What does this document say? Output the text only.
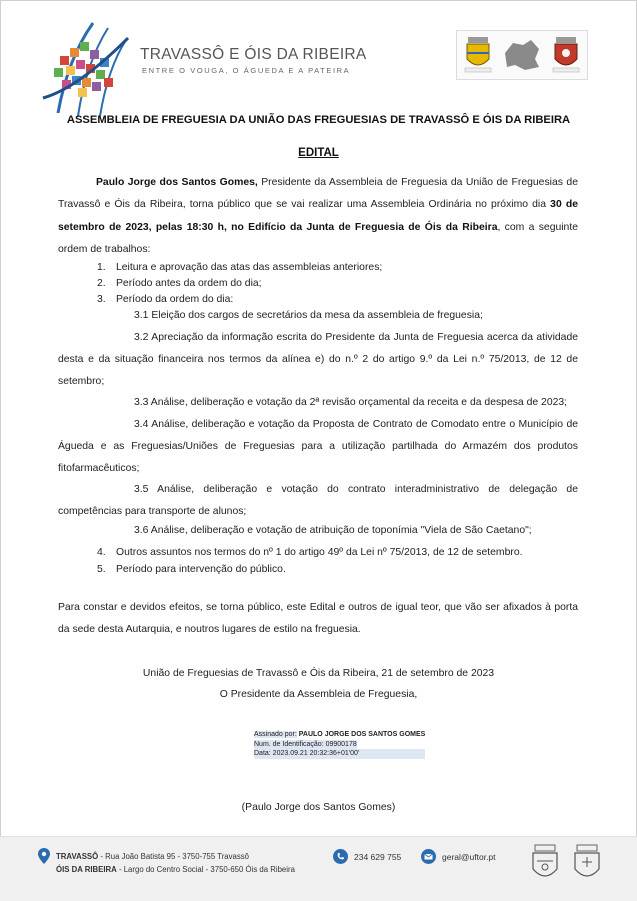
TRAVASSÔ E ÓIS DA RIBEIRA
ENTRE O VOUGA, O ÁGUEDA E A PATEIRA
ASSEMBLEIA DE FREGUESIA DA UNIÃO DAS FREGUESIAS DE TRAVASSÔ E ÓIS DA RIBEIRA
EDITAL
Paulo Jorge dos Santos Gomes, Presidente da Assembleia de Freguesia da União de Freguesias de Travassô e Óis da Ribeira, torna público que se vai realizar uma Assembleia Ordinária no próximo dia 30 de setembro de 2023, pelas 18:30 h, no Edifício da Junta de Freguesia de Óis da Ribeira, com a seguinte ordem de trabalhos:
1. Leitura e aprovação das atas das assembleias anteriores;
2. Período antes da ordem do dia;
3. Período da ordem do dia:
3.1 Eleição dos cargos de secretários da mesa da assembleia de freguesia;
3.2 Apreciação da informação escrita do Presidente da Junta de Freguesia acerca da atividade desta e da situação financeira nos termos da alínea e) do n.º 2 do artigo 9.º da Lei n.º 75/2013, de 12 de setembro;
3.3 Análise, deliberação e votação da 2ª revisão orçamental da receita e da despesa de 2023;
3.4 Análise, deliberação e votação da Proposta de Contrato de Comodato entre o Município de Águeda e as Freguesias/Uniões de Freguesias para a utilização partilhada do Armazém dos produtos fitofarmacêuticos;
3.5 Análise, deliberação e votação do contrato interadministrativo de delegação de competências para transporte de alunos;
3.6 Análise, deliberação e votação de atribuição de toponímia "Viela de São Caetano";
4. Outros assuntos nos termos do nº 1 do artigo 49º da Lei nº 75/2013, de 12 de setembro.
5. Período para intervenção do público.
Para constar e devidos efeitos, se torna público, este Edital e outros de igual teor, que vão ser afixados à porta da sede desta Autarquia, e noutros lugares de estilo na freguesia.
União de Freguesias de Travassô e Óis da Ribeira, 21 de setembro de 2023
O Presidente da Assembleia de Freguesia,
Assinado por: PAULO JORGE DOS SANTOS GOMES
Num. de Identificação: 09900178
Data: 2023.09.21 20:32:36+01'00'
(Paulo Jorge dos Santos Gomes)
TRAVASSÔ - Rua João Batista 95 - 3750-755 Travassô
ÓIS DA RIBEIRA - Largo do Centro Social - 3750-650 Óis da Ribeira
234 629 755	geral@uftor.pt
